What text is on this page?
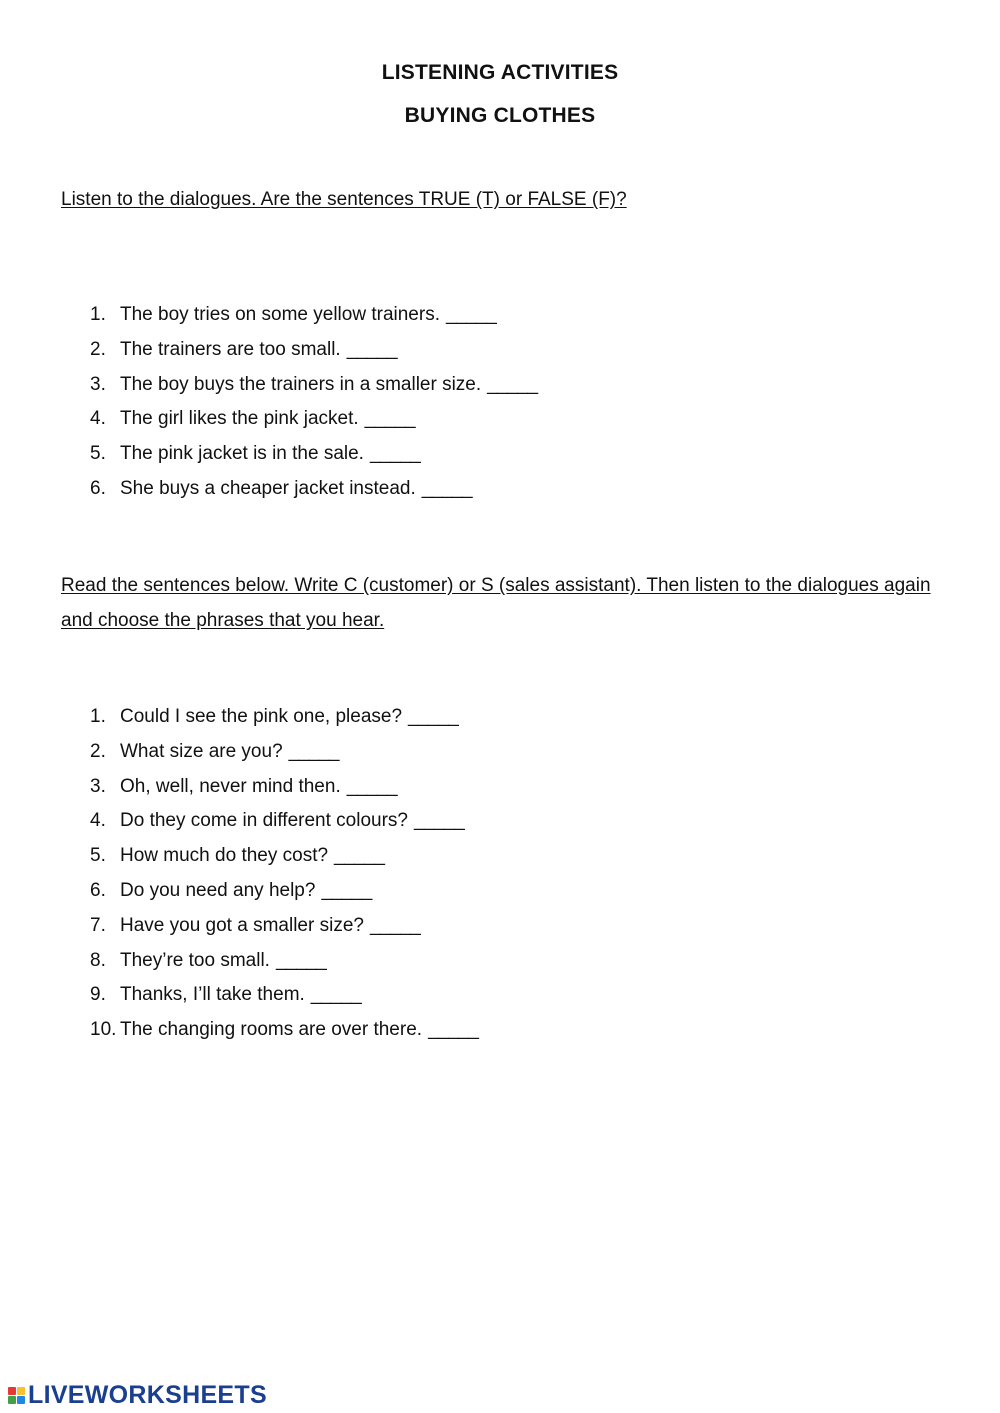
LISTENING ACTIVITIES
BUYING CLOTHES
Listen to the dialogues. Are the sentences TRUE (T) or FALSE (F)?
1. The boy tries on some yellow trainers. _____
2. The trainers are too small. _____
3. The boy buys the trainers in a smaller size. _____
4. The girl likes the pink jacket. _____
5. The pink jacket is in the sale. _____
6. She buys a cheaper jacket instead. _____
Read the sentences below. Write C (customer) or S (sales assistant). Then listen to the dialogues again and choose the phrases that you hear.
1. Could I see the pink one, please? _____
2. What size are you? _____
3. Oh, well, never mind then. _____
4. Do they come in different colours? _____
5. How much do they cost? _____
6. Do you need any help? _____
7. Have you got a smaller size? _____
8. They’re too small. _____
9. Thanks, I’ll take them. _____
10. The changing rooms are over there. _____
LIVEWORKSHEETS
